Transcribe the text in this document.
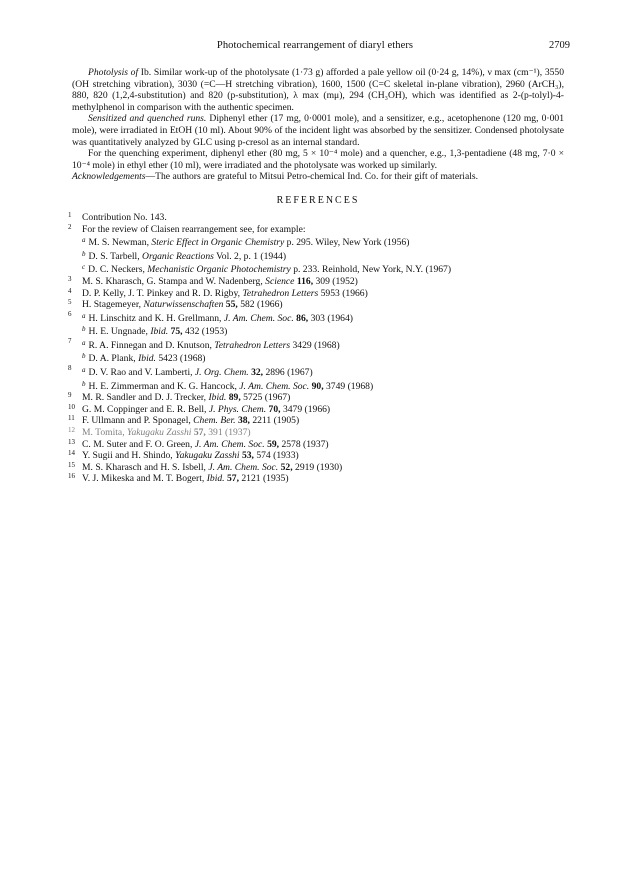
Photochemical rearrangement of diaryl ethers	2709

Photolysis of Ib. Similar work-up of the photolysate (1·73 g) afforded a pale yellow oil (0·24 g, 14%), ν max (cm⁻¹), 3550 (OH stretching vibration), 3030 (=C—H stretching vibration), 1600, 1500 (C=C skeletal in-plane vibration), 2960 (ArCH₃), 880, 820 (1,2,4-substitution) and 820 (p-substitution), λ max (mμ), 294 (CH₃OH), which was identified as 2-(p-tolyl)-4-methylphenol in comparison with the authentic specimen.

Sensitized and quenched runs. Diphenyl ether (17 mg, 0·0001 mole), and a sensitizer, e.g., acetophenone (120 mg, 0·001 mole), were irradiated in EtOH (10 ml). About 90% of the incident light was absorbed by the sensitizer. Condensed photolysate was quantitatively analyzed by GLC using p-cresol as an internal standard.

For the quenching experiment, diphenyl ether (80 mg, 5 × 10⁻⁴ mole) and a quencher, e.g., 1,3-pentadiene (48 mg, 7·0 × 10⁻⁴ mole) in ethyl ether (10 ml), were irradiated and the photolysate was worked up similarly.

Acknowledgements—The authors are grateful to Mitsui Petro-chemical Ind. Co. for their gift of materials.

REFERENCES
1	Contribution No. 143.
2	For the review of Claisen rearrangement see, for example:
$^a$ M. S. Newman, Steric Effect in Organic Chemistry p. 295. Wiley, New York (1956)
$^b$ D. S. Tarbell, Organic Reactions Vol. 2, p. 1 (1944)
$^c$ D. C. Neckers, Mechanistic Organic Photochemistry p. 233. Reinhold, New York, N.Y. (1967)
3	M. S. Kharasch, G. Stampa and W. Nadenberg, Science 116, 309 (1952)
4	D. P. Kelly, J. T. Pinkey and R. D. Rigby, Tetrahedron Letters 5953 (1966)
5	H. Stagemeyer, Naturwissenschaften 55, 582 (1966)
6	$^a$ H. Linschitz and K. H. Grellmann, J. Am. Chem. Soc. 86, 303 (1964)
$^b$ H. E. Ungnade, Ibid. 75, 432 (1953)
7	$^a$ R. A. Finnegan and D. Knutson, Tetrahedron Letters 3429 (1968)
$^b$ D. A. Plank, Ibid. 5423 (1968)
8	$^a$ D. V. Rao and V. Lamberti, J. Org. Chem. 32, 2896 (1967)
$^b$ H. E. Zimmerman and K. G. Hancock, J. Am. Chem. Soc. 90, 3749 (1968)
9	M. R. Sandler and D. J. Trecker, Ibid. 89, 5725 (1967)
10 G. M. Coppinger and E. R. Bell, J. Phys. Chem. 70, 3479 (1966)
11 F. Ullmann and P. Sponagel, Chem. Ber. 38, 2211 (1905)
12 M. Tomita, Yakugaku Zasshi 57, 391 (1937)
13 C. M. Suter and F. O. Green, J. Am. Chem. Soc. 59, 2578 (1937)
14 Y. Sugii and H. Shindo, Yakugaku Zasshi 53, 574 (1933)
15 M. S. Kharasch and H. S. Isbell, J. Am. Chem. Soc. 52, 2919 (1930)
16 V. J. Mikeska and M. T. Bogert, Ibid. 57, 2121 (1935)
